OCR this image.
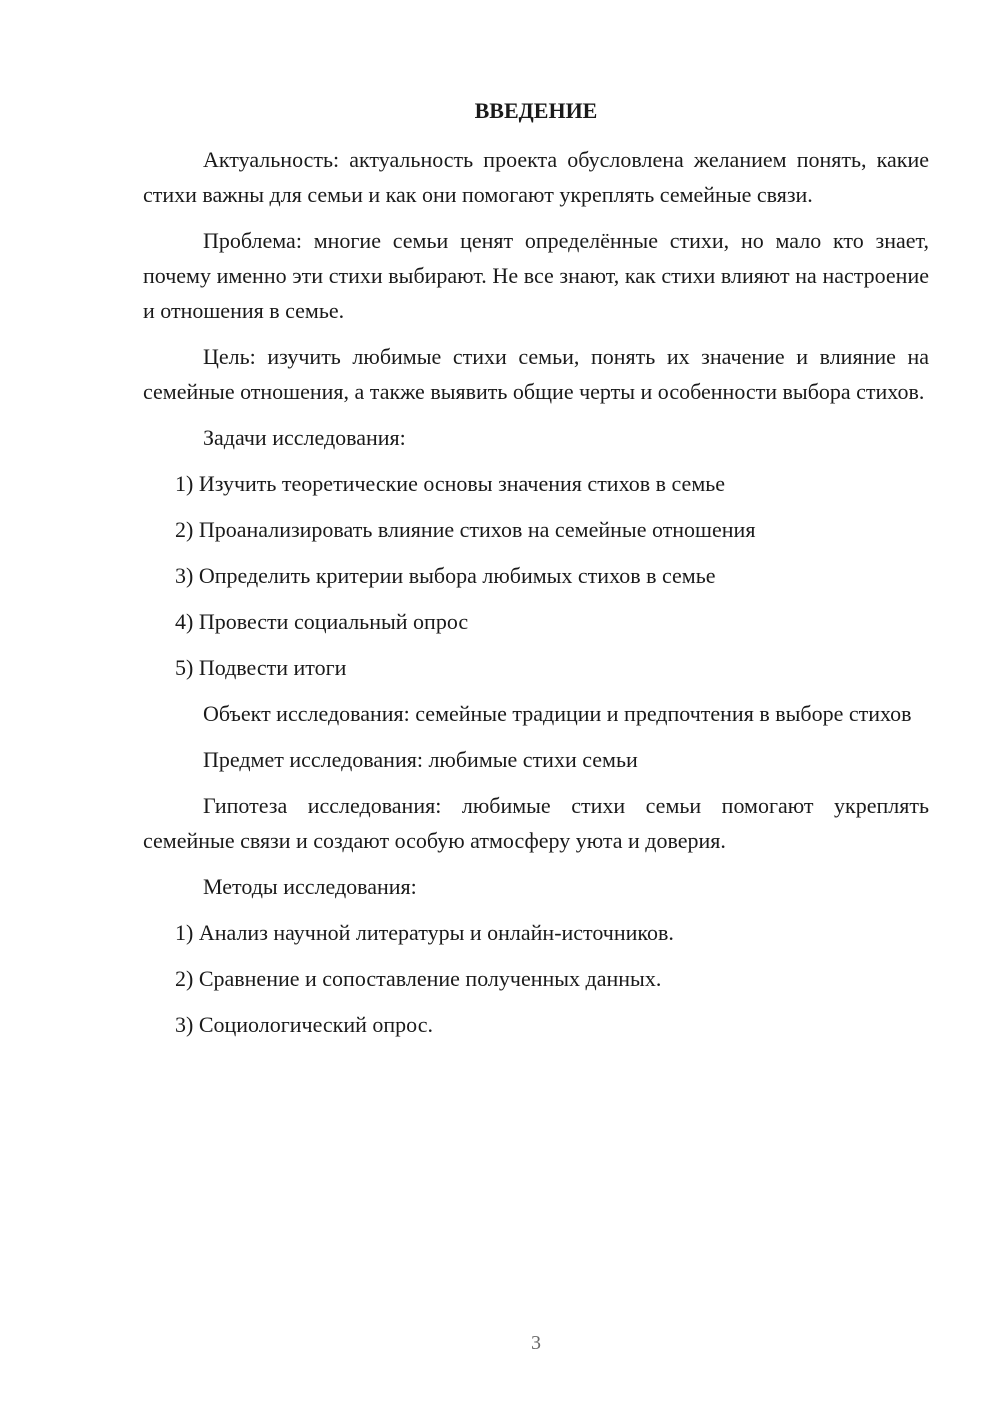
ВВЕДЕНИЕ

Актуальность: актуальность проекта обусловлена желанием понять, какие стихи важны для семьи и как они помогают укреплять семейные связи.

Проблема: многие семьи ценят определённые стихи, но мало кто знает, почему именно эти стихи выбирают. Не все знают, как стихи влияют на настроение и отношения в семье.

Цель: изучить любимые стихи семьи, понять их значение и влияние на семейные отношения, а также выявить общие черты и особенности выбора стихов.

Задачи исследования:
1) Изучить теоретические основы значения стихов в семье
2) Проанализировать влияние стихов на семейные отношения
3) Определить критерии выбора любимых стихов в семье
4) Провести социальный опрос
5) Подвести итоги

Объект исследования: семейные традиции и предпочтения в выборе стихов

Предмет исследования: любимые стихи семьи

Гипотеза исследования: любимые стихи семьи помогают укреплять семейные связи и создают особую атмосферу уюта и доверия.

Методы исследования:
1) Анализ научной литературы и онлайн-источников.
2) Сравнение и сопоставление полученных данных.
3) Социологический опрос.
3
